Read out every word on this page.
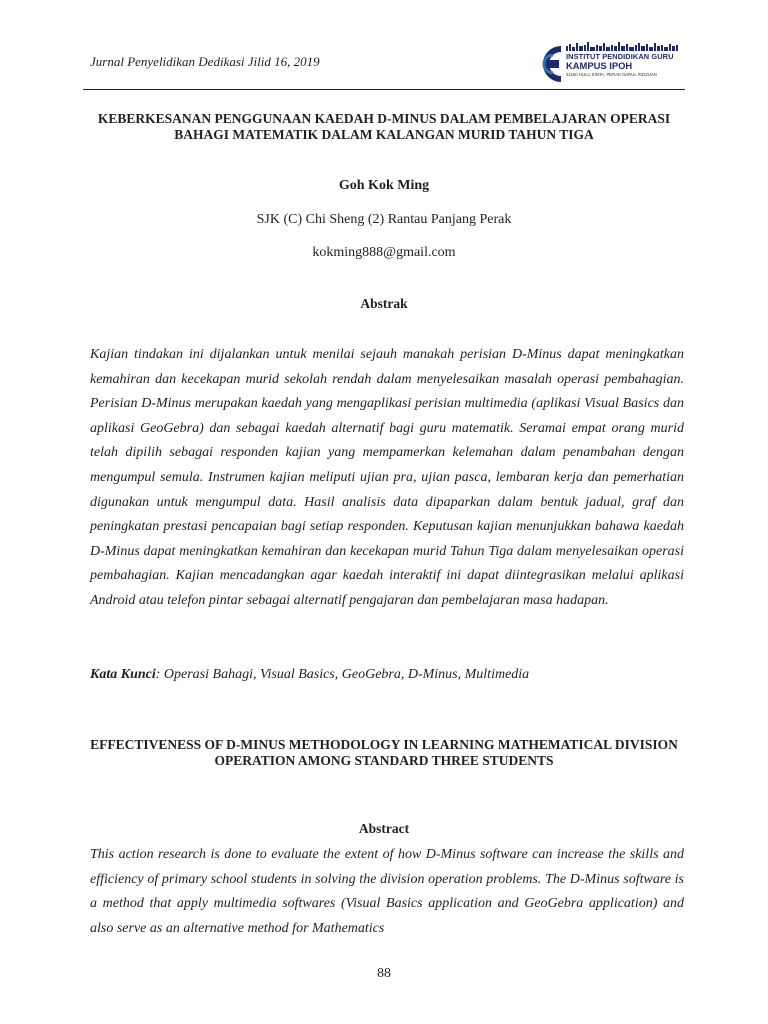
Jurnal Penyelidikan Dedikasi Jilid 16, 2019	INSTITUT PENDIDIKAN GURU
KAMPUS IPOH
31150 HULU KINTA, PERAK DARUL RIDZUAN
KEBERKESANAN PENGGUNAAN KAEDAH D-MINUS DALAM PEMBELAJARAN OPERASI BAHAGI MATEMATIK DALAM KALANGAN MURID TAHUN TIGA
Goh Kok Ming
SJK (C) Chi Sheng (2) Rantau Panjang Perak
kokming888@gmail.com
Abstrak
Kajian tindakan ini dijalankan untuk menilai sejauh manakah perisian D-Minus dapat meningkatkan kemahiran dan kecekapan murid sekolah rendah dalam menyelesaikan masalah operasi pembahagian. Perisian D-Minus merupakan kaedah yang mengaplikasi perisian multimedia (aplikasi Visual Basics dan aplikasi GeoGebra) dan sebagai kaedah alternatif bagi guru matematik. Seramai empat orang murid telah dipilih sebagai responden kajian yang mempamerkan kelemahan dalam penambahan dengan mengumpul semula. Instrumen kajian meliputi ujian pra, ujian pasca, lembaran kerja dan pemerhatian digunakan untuk mengumpul data. Hasil analisis data dipaparkan dalam bentuk jadual, graf dan peningkatan prestasi pencapaian bagi setiap responden. Keputusan kajian menunjukkan bahawa kaedah D-Minus dapat meningkatkan kemahiran dan kecekapan murid Tahun Tiga dalam menyelesaikan operasi pembahagian. Kajian mencadangkan agar kaedah interaktif ini dapat diintegrasikan melalui aplikasi Android atau telefon pintar sebagai alternatif pengajaran dan pembelajaran masa hadapan.
Kata Kunci: Operasi Bahagi, Visual Basics, GeoGebra, D-Minus, Multimedia
EFFECTIVENESS OF D-MINUS METHODOLOGY IN LEARNING MATHEMATICAL DIVISION OPERATION AMONG STANDARD THREE STUDENTS
Abstract
This action research is done to evaluate the extent of how D-Minus software can increase the skills and efficiency of primary school students in solving the division operation problems. The D-Minus software is a method that apply multimedia softwares (Visual Basics application and GeoGebra application) and also serve as an alternative method for Mathematics
88
